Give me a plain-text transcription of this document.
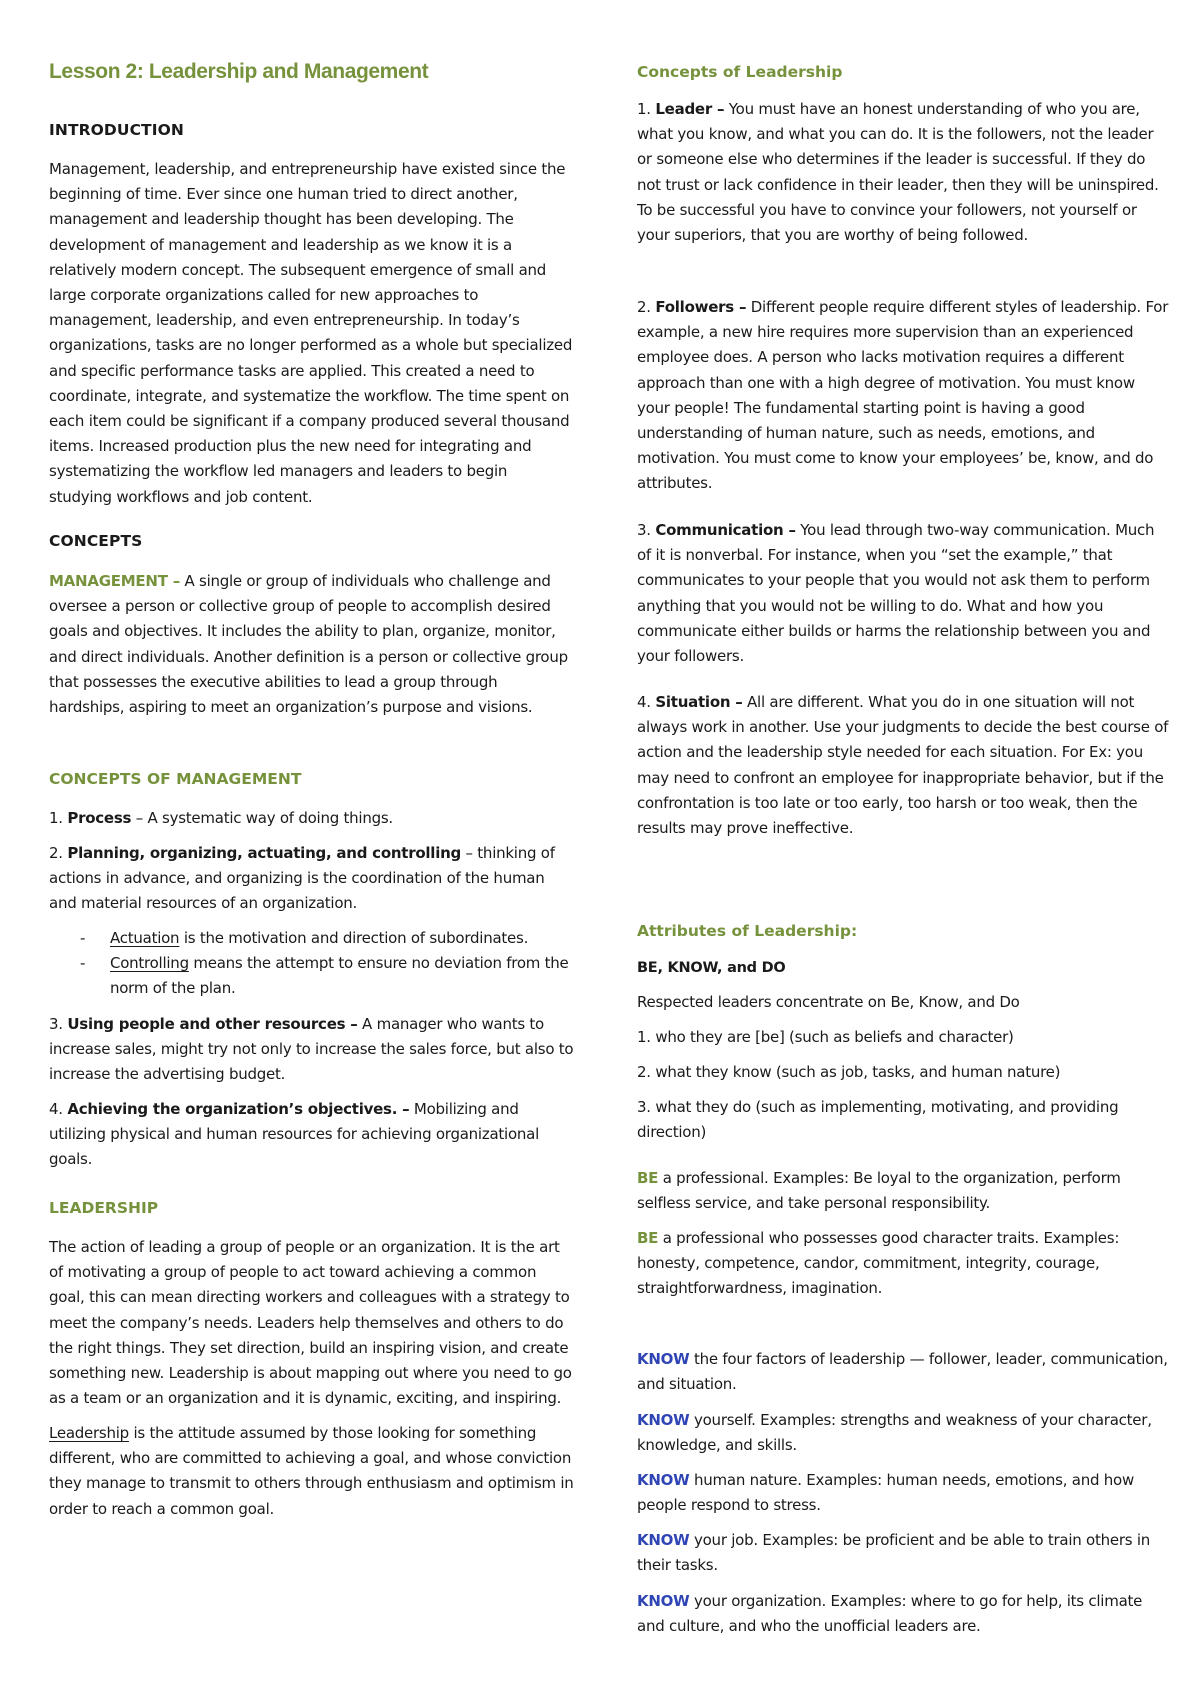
Lesson 2: Leadership and Management
INTRODUCTION

Management, leadership, and entrepreneurship have existed since the beginning of time. Ever since one human tried to direct another, management and leadership thought has been developing. The development of management and leadership as we know it is a relatively modern concept. The subsequent emergence of small and large corporate organizations called for new approaches to management, leadership, and even entrepreneurship. In today’s organizations, tasks are no longer performed as a whole but specialized and specific performance tasks are applied. This created a need to coordinate, integrate, and systematize the workflow. The time spent on each item could be significant if a company produced several thousand items. Increased production plus the new need for integrating and systematizing the workflow led managers and leaders to begin studying workflows and job content.

CONCEPTS

MANAGEMENT – A single or group of individuals who challenge and oversee a person or collective group of people to accomplish desired goals and objectives. It includes the ability to plan, organize, monitor, and direct individuals. Another definition is a person or collective group that possesses the executive abilities to lead a group through hardships, aspiring to meet an organization’s purpose and visions.

CONCEPTS OF MANAGEMENT

1. Process – A systematic way of doing things.

2. Planning, organizing, actuating, and controlling – thinking of actions in advance, and organizing is the coordination of the human and material resources of an organization.

- Actuation is the motivation and direction of subordinates.
- Controlling means the attempt to ensure no deviation from the norm of the plan.

3. Using people and other resources – A manager who wants to increase sales, might try not only to increase the sales force, but also to increase the advertising budget.

4. Achieving the organization’s objectives. – Mobilizing and utilizing physical and human resources for achieving organizational goals.

LEADERSHIP

The action of leading a group of people or an organization. It is the art of motivating a group of people to act toward achieving a common goal, this can mean directing workers and colleagues with a strategy to meet the company’s needs. Leaders help themselves and others to do the right things. They set direction, build an inspiring vision, and create something new. Leadership is about mapping out where you need to go as a team or an organization and it is dynamic, exciting, and inspiring.

Leadership is the attitude assumed by those looking for something different, who are committed to achieving a goal, and whose conviction they manage to transmit to others through enthusiasm and optimism in order to reach a common goal.

Concepts of Leadership

1. Leader – You must have an honest understanding of who you are, what you know, and what you can do. It is the followers, not the leader or someone else who determines if the leader is successful. If they do not trust or lack confidence in their leader, then they will be uninspired. To be successful you have to convince your followers, not yourself or your superiors, that you are worthy of being followed.

2. Followers – Different people require different styles of leadership. For example, a new hire requires more supervision than an experienced employee does. A person who lacks motivation requires a different approach than one with a high degree of motivation. You must know your people! The fundamental starting point is having a good understanding of human nature, such as needs, emotions, and motivation. You must come to know your employees’ be, know, and do attributes.

3. Communication – You lead through two-way communication. Much of it is nonverbal. For instance, when you “set the example,” that communicates to your people that you would not ask them to perform anything that you would not be willing to do. What and how you communicate either builds or harms the relationship between you and your followers.

4. Situation – All are different. What you do in one situation will not always work in another. Use your judgments to decide the best course of action and the leadership style needed for each situation. For Ex: you may need to confront an employee for inappropriate behavior, but if the confrontation is too late or too early, too harsh or too weak, then the results may prove ineffective.

Attributes of Leadership:
BE, KNOW, and DO

Respected leaders concentrate on Be, Know, and Do

1. who they are [be] (such as beliefs and character)

2. what they know (such as job, tasks, and human nature)

3. what they do (such as implementing, motivating, and providing direction)

BE a professional. Examples: Be loyal to the organization, perform selfless service, and take personal responsibility.

BE a professional who possesses good character traits. Examples: honesty, competence, candor, commitment, integrity, courage, straightforwardness, imagination.

KNOW the four factors of leadership — follower, leader, communication, and situation.

KNOW yourself. Examples: strengths and weakness of your character, knowledge, and skills.

KNOW human nature. Examples: human needs, emotions, and how people respond to stress.

KNOW your job. Examples: be proficient and be able to train others in their tasks.

KNOW your organization. Examples: where to go for help, its climate and culture, and who the unofficial leaders are.
